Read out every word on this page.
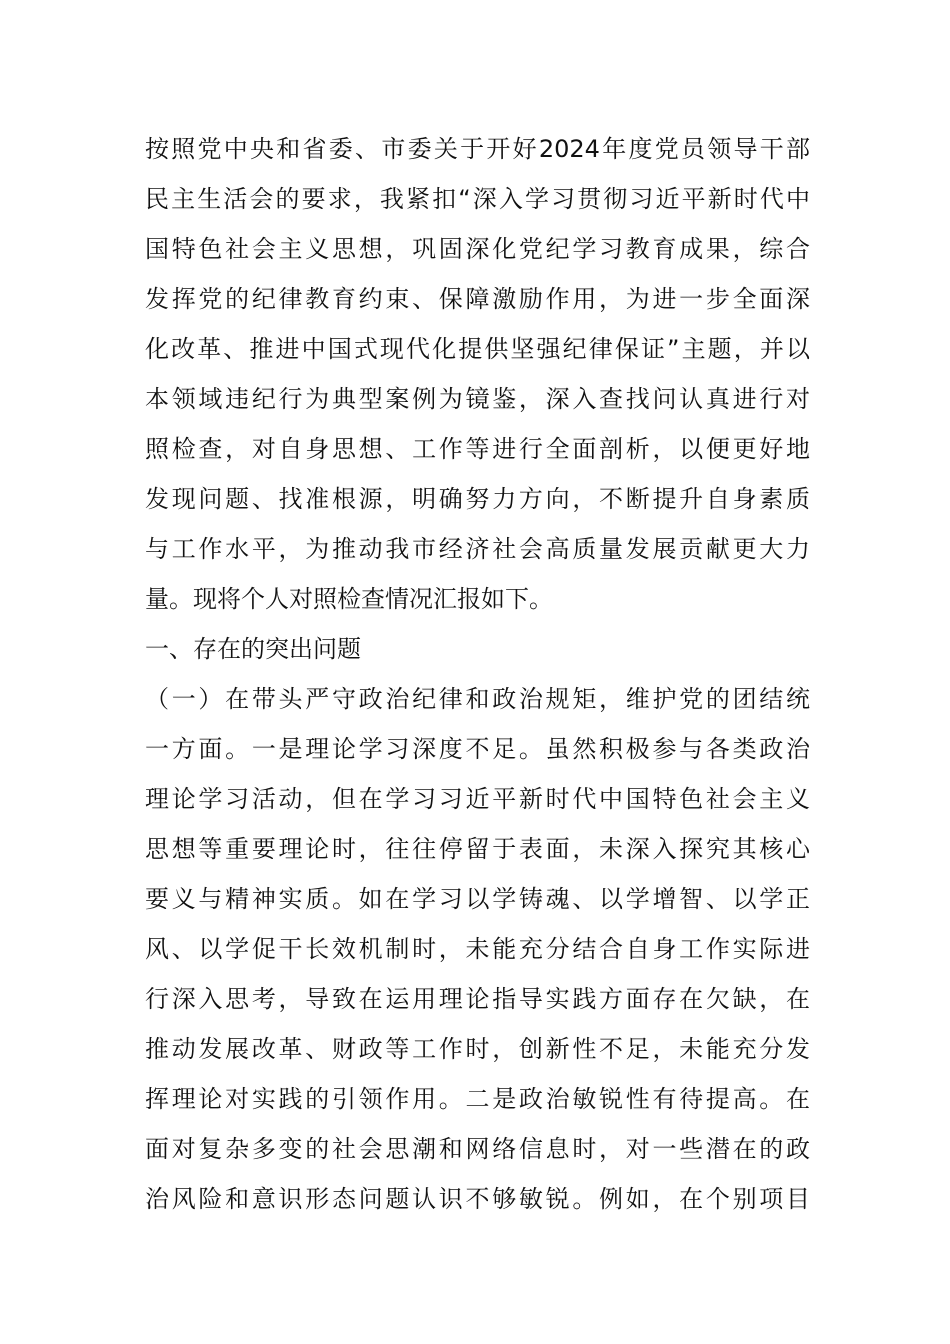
按照党中央和省委、市委关于开好2024年度党员领导干部
民主生活会的要求，我紧扣“深入学习贯彻习近平新时代中
国特色社会主义思想，巩固深化党纪学习教育成果，综合
发挥党的纪律教育约束、保障激励作用，为进一步全面深
化改革、推进中国式现代化提供坚强纪律保证”主题，并以
本领域违纪行为典型案例为镜鉴，深入查找问认真进行对
照检查，对自身思想、工作等进行全面剖析，以便更好地
发现问题、找准根源，明确努力方向，不断提升自身素质
与工作水平，为推动我市经济社会高质量发展贡献更大力
量。现将个人对照检查情况汇报如下。
一、存在的突出问题
（一）在带头严守政治纪律和政治规矩，维护党的团结统
一方面。一是理论学习深度不足。虽然积极参与各类政治
理论学习活动，但在学习习近平新时代中国特色社会主义
思想等重要理论时，往往停留于表面，未深入探究其核心
要义与精神实质。如在学习以学铸魂、以学增智、以学正
风、以学促干长效机制时，未能充分结合自身工作实际进
行深入思考，导致在运用理论指导实践方面存在欠缺，在
推动发展改革、财政等工作时，创新性不足，未能充分发
挥理论对实践的引领作用。二是政治敏锐性有待提高。在
面对复杂多变的社会思潮和网络信息时，对一些潜在的政
治风险和意识形态问题认识不够敏锐。例如，在个别项目
